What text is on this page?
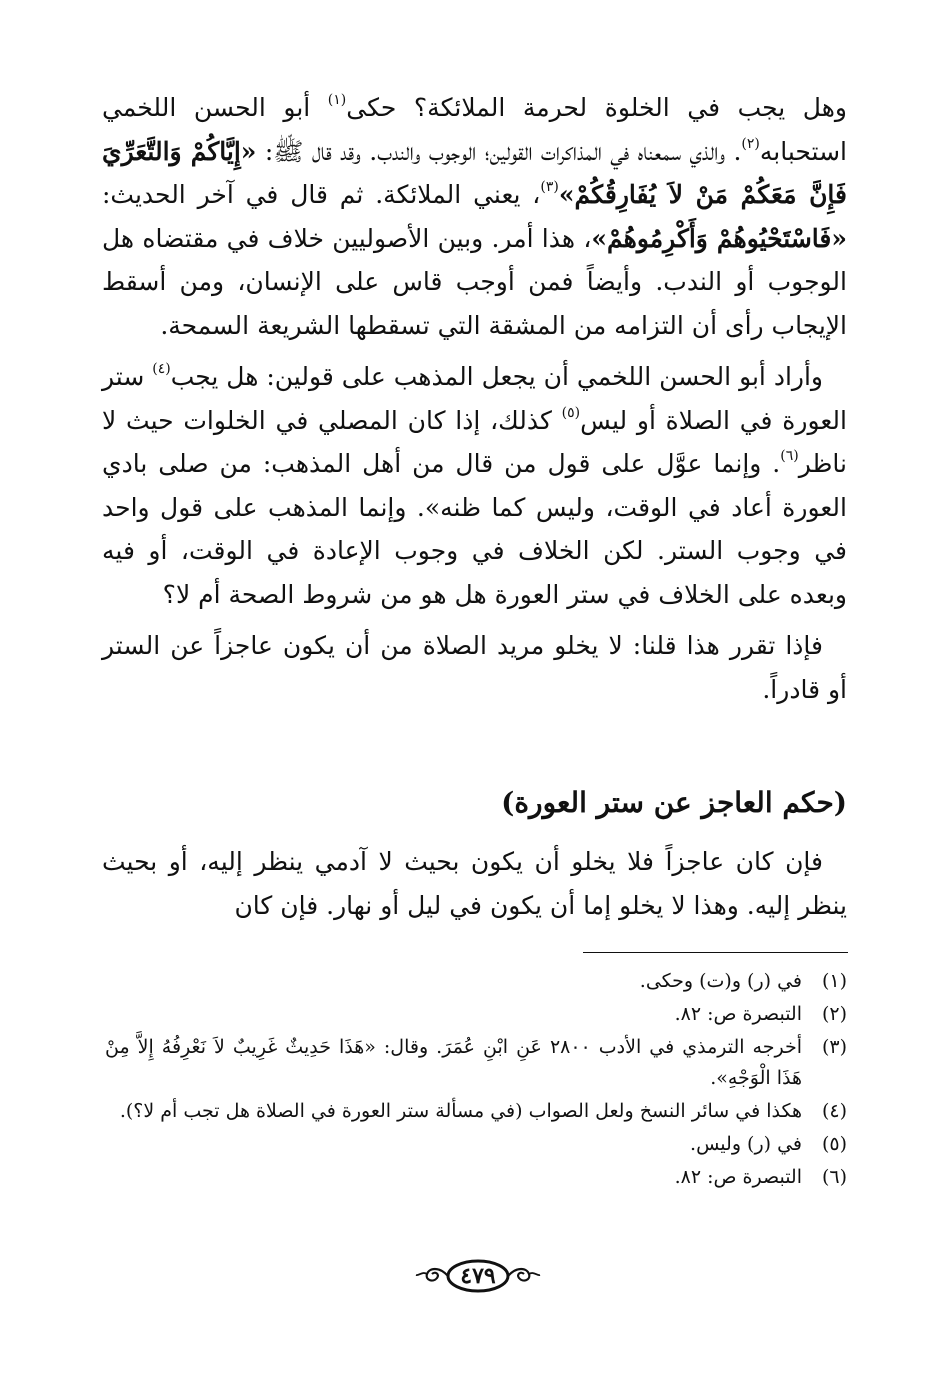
وهل يجب في الخلوة لحرمة الملائكة؟ حكى$^{(١)}$ أبو الحسن اللخمي استحبابه$^{(٢)}$. والذي سمعناه في المذاكرات القولين؛ الوجوب والندب. وقد قال ﷺ: «إِيَّاكُمْ وَالتَّعَرِّيَ فَإِنَّ مَعَكُمْ مَنْ لاَ يُفَارِقُكُمْ»$^{(٣)}$، يعني الملائكة. ثم قال في آخر الحديث: «فَاسْتَحْيُوهُمْ وَأَكْرِمُوهُمْ»، هذا أمر. وبين الأصوليين خلاف في مقتضاه هل الوجوب أو الندب. وأيضاً فمن أوجب قاس على الإنسان، ومن أسقط الإيجاب رأى أن التزامه من المشقة التي تسقطها الشريعة السمحة.

وأراد أبو الحسن اللخمي أن يجعل المذهب على قولين: هل يجب$^{(٤)}$ ستر العورة في الصلاة أو ليس$^{(٥)}$ كذلك، إذا كان المصلي في الخلوات حيث لا ناظر$^{(٦)}$. وإنما عوَّل على قول من قال من أهل المذهب: من صلى بادي العورة أعاد في الوقت، وليس كما ظنه». وإنما المذهب على قول واحد في وجوب الستر. لكن الخلاف في وجوب الإعادة في الوقت، أو فيه وبعده على الخلاف في ستر العورة هل هو من شروط الصحة أم لا؟

فإذا تقرر هذا قلنا: لا يخلو مريد الصلاة من أن يكون عاجزاً عن الستر أو قادراً.

(حكم العاجز عن ستر العورة)

فإن كان عاجزاً فلا يخلو أن يكون بحيث لا آدمي ينظر إليه، أو بحيث ينظر إليه. وهذا لا يخلو إما أن يكون في ليل أو نهار. فإن كان

(١)
في (ر) و(ت) وحكى.
(٢)
التبصرة ص: ٨٢.
(٣)
أخرجه الترمذي في الأدب ٢٨٠٠ عَنِ ابْنِ عُمَرَ. وقال: «هَذَا حَدِيثٌ غَرِيبٌ لاَ نَعْرِفُهُ إِلاَّ مِنْ هَذَا الْوَجْهِ».
(٤)
هكذا في سائر النسخ ولعل الصواب (في مسألة ستر العورة في الصلاة هل تجب أم لا؟).
(٥)
في (ر) وليس.
(٦)
التبصرة ص: ٨٢.
٤٧٩
